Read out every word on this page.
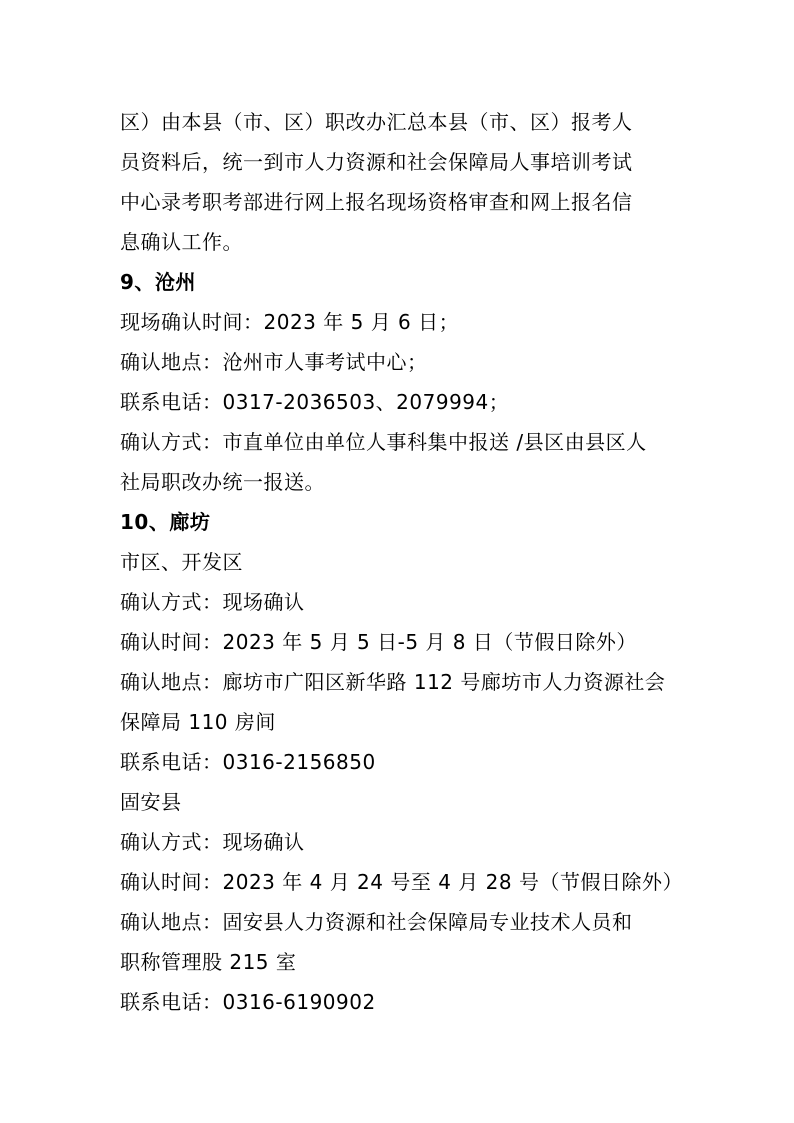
区）由本县（市、区）职改办汇总本县（市、区）报考人
员资料后，统一到市人力资源和社会保障局人事培训考试
中心录考职考部进行网上报名现场资格审查和网上报名信
息确认工作。
9、沧州
现场确认时间：2023 年 5 月 6 日；
确认地点：沧州市人事考试中心；
联系电话：0317-2036503、2079994；
确认方式：市直单位由单位人事科集中报送 /县区由县区人
社局职改办统一报送。
10、廊坊
市区、开发区
确认方式：现场确认
确认时间：2023 年 5 月 5 日-5 月 8 日（节假日除外）
确认地点：廊坊市广阳区新华路 112 号廊坊市人力资源社会
保障局 110 房间
联系电话：0316-2156850
固安县
确认方式：现场确认
确认时间：2023 年 4 月 24 号至 4 月 28 号（节假日除外）
确认地点：固安县人力资源和社会保障局专业技术人员和
职称管理股 215 室
联系电话：0316-6190902
